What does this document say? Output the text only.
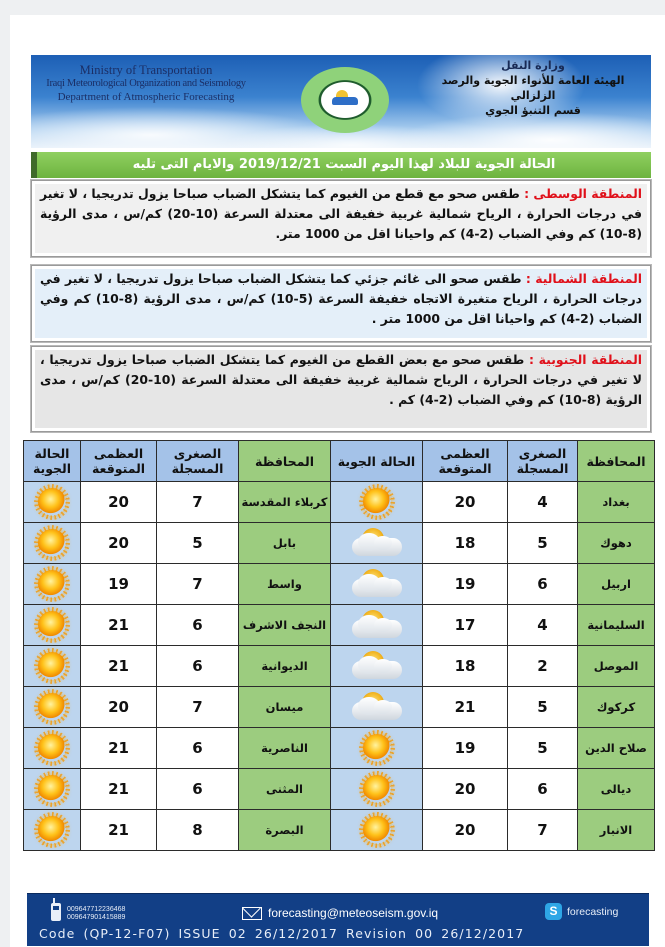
Ministry of Transportation
Iraqi Meteorological Organization and Seismology
Department of Atmospheric Forecasting
وزارة النقل
الهيئة العامة للأنواء الجوية والرصد الزلزالي
قسم التنبؤ الجوي
الحالة الجوية للبلاد لهذا اليوم السبت 2019/12/21 والايام التى تليه
المنطقة الوسطى : طقس صحو مع قطع من الغيوم كما يتشكل الضباب صباحا يزول تدريجيا ، لا تغير في درجات الحرارة ، الرياح شمالية غربية خفيفة الى معتدلة السرعة (10-20) كم/س ، مدى الرؤية (8-10) كم وفي الضباب (2-4) كم واحيانا اقل من 1000 متر.
المنطقة الشمالية : طقس صحو الى غائم جزئي كما يتشكل الضباب صباحا يزول تدريجيا ، لا تغير في درجات الحرارة ، الرياح متغيرة الاتجاه خفيفة السرعة (5-10) كم/س ، مدى الرؤية (8-10) كم وفي الضباب (2-4) كم واحيانا اقل من 1000 متر .
المنطقة الجنوبية : طقس صحو مع بعض القطع من الغيوم كما يتشكل الضباب صباحا يزول تدريجيا ، لا تغير في درجات الحرارة ، الرياح شمالية غربية خفيفة الى معتدلة السرعة (10-20) كم/س ، مدى الرؤية (8-10) كم وفي الضباب (2-4) كم .
المحافظة	الصغرى المسجلة	العظمى المتوقعة	الحالة الجوية	المحافظة	الصغرى المسجلة	العظمى المتوقعة	الحالة الجوية
بغداد	4	20		كربلاء المقدسة	7	20	
دهوك	5	18		بابل	5	20	
اربيل	6	19		واسط	7	19	
السليمانية	4	17		النجف الاشرف	6	21	
الموصل	2	18		الديوانية	6	21	
كركوك	5	21		ميسان	7	20	
صلاح الدين	5	19		الناصرية	6	21	
ديالى	6	20		المثنى	6	21	
الانبار	7	20		البصرة	8	21	
009647712236468
009647901415889	forecasting@meteoseism.gov.iq	S forecasting
Code (QP-12-F07) ISSUE 02 26/12/2017 Revision 00 26/12/2017
